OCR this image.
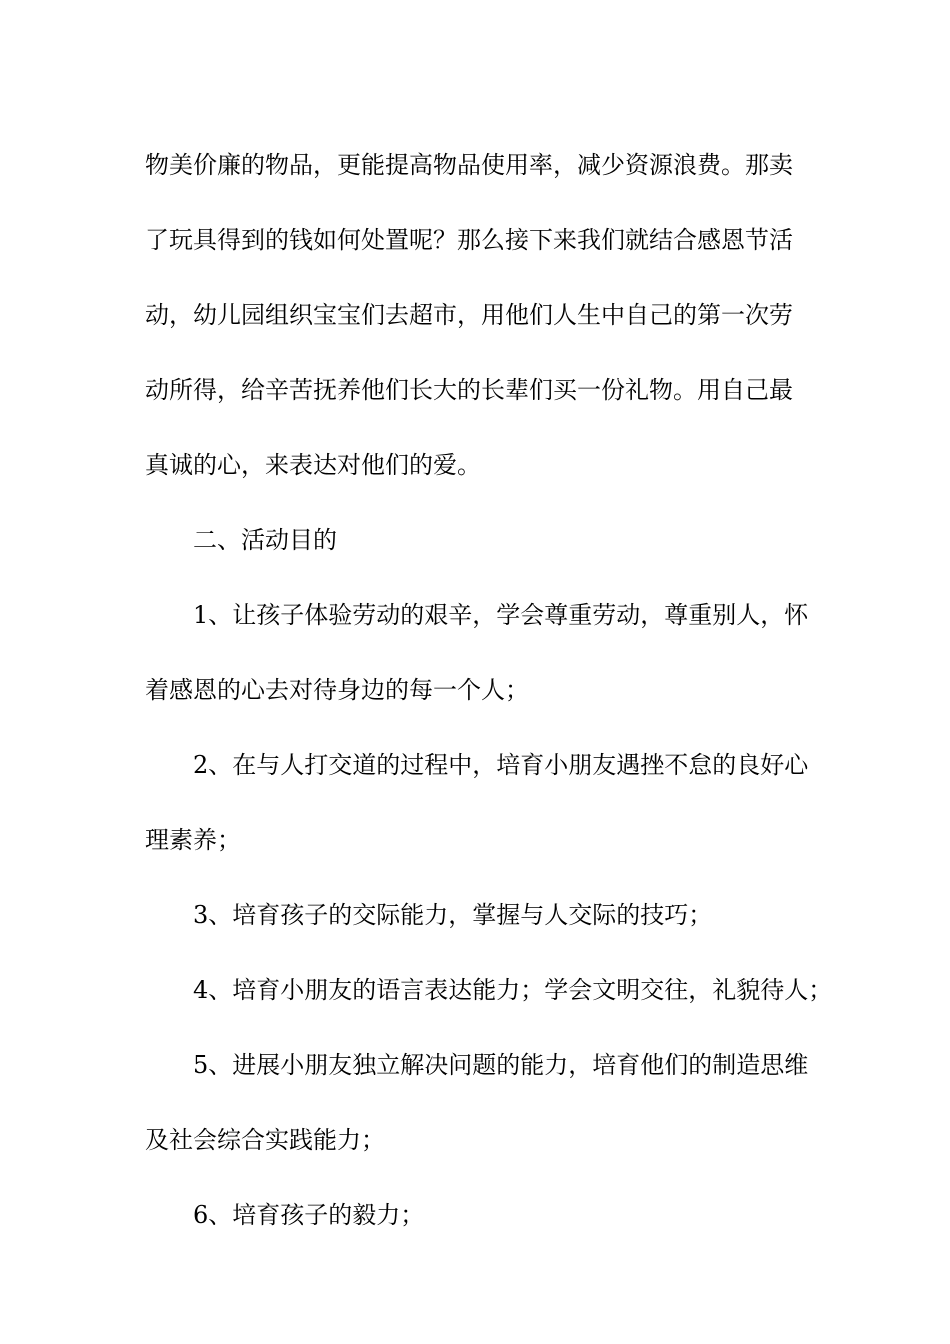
物美价廉的物品，更能提高物品使用率，减少资源浪费。那卖
了玩具得到的钱如何处置呢？那么接下来我们就结合感恩节活
动，幼儿园组织宝宝们去超市，用他们人生中自己的第一次劳
动所得，给辛苦抚养他们长大的长辈们买一份礼物。用自己最
真诚的心，来表达对他们的爱。
二、活动目的
1、让孩子体验劳动的艰辛，学会尊重劳动，尊重别人，怀
着感恩的心去对待身边的每一个人；
2、在与人打交道的过程中，培育小朋友遇挫不怠的良好心
理素养；
3、培育孩子的交际能力，掌握与人交际的技巧；
4、培育小朋友的语言表达能力；学会文明交往，礼貌待人；
5、进展小朋友独立解决问题的能力，培育他们的制造思维
及社会综合实践能力；
6、培育孩子的毅力；
